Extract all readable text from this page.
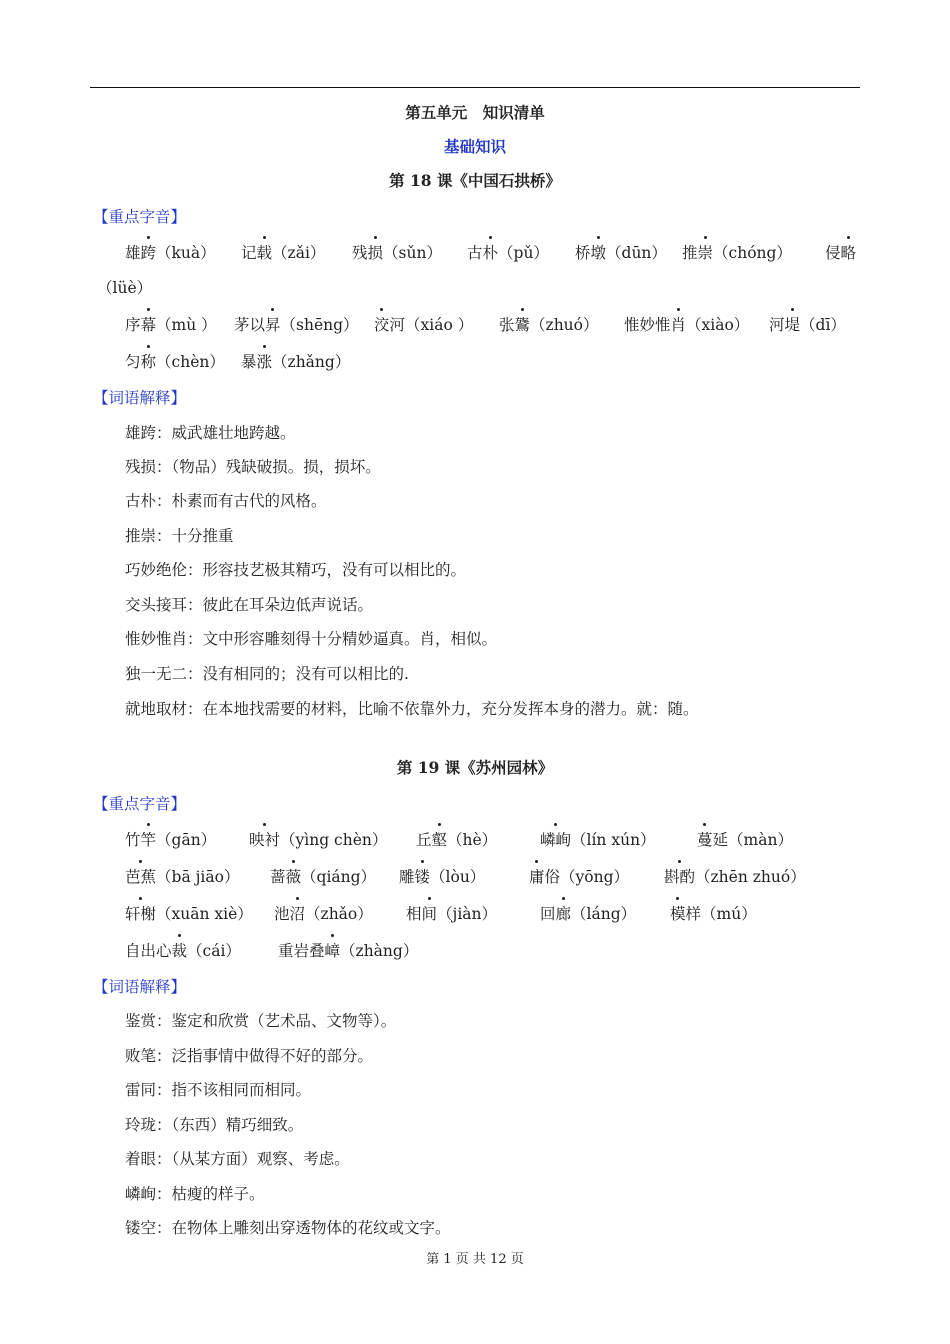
第五单元　知识清单
基础知识
第 18 课《中国石拱桥》
【重点字音】
雄跨（kuà） 记载（zǎi） 残损（sǔn） 古朴（pǔ） 桥墩（dūn） 推崇（chóng） 侵略
（lüè）
序幕（mù ） 茅以昇（shēng） 洨河（xiáo ） 张鷟（zhuó） 惟妙惟肖（xiào） 河堤（dī）
匀称（chèn） 暴涨（zhǎng）
【词语解释】
雄跨：威武雄壮地跨越。
残损：（物品）残缺破损。损，损坏。
古朴：朴素而有古代的风格。
推崇：十分推重
巧妙绝伦：形容技艺极其精巧，没有可以相比的。
交头接耳：彼此在耳朵边低声说话。
惟妙惟肖：文中形容雕刻得十分精妙逼真。肖，相似。
独一无二：没有相同的；没有可以相比的.
就地取材：在本地找需要的材料，比喻不依靠外力，充分发挥本身的潜力。就：随。
第 19 课《苏州园林》
【重点字音】
竹竿（gān） 映衬（yìng chèn） 丘壑（hè）	嶙峋（lín xún）	蔓延（màn）
芭蕉（bā jiāo） 蔷薇（qiáng） 雕镂（lòu）	庸俗（yōng） 斟酌（zhēn zhuó）
轩榭（xuān xiè） 池沼（zhǎo） 相间（jiàn）	回廊（láng） 模样（mú）
自出心裁（cái） 重岩叠嶂（zhàng）
【词语解释】
鉴赏：鉴定和欣赏（艺术品、文物等）。
败笔：泛指事情中做得不好的部分。
雷同：指不该相同而相同。
玲珑：（东西）精巧细致。
着眼：（从某方面）观察、考虑。
嶙峋：枯瘦的样子。
镂空：在物体上雕刻出穿透物体的花纹或文字。
第 1 页 共 12 页
